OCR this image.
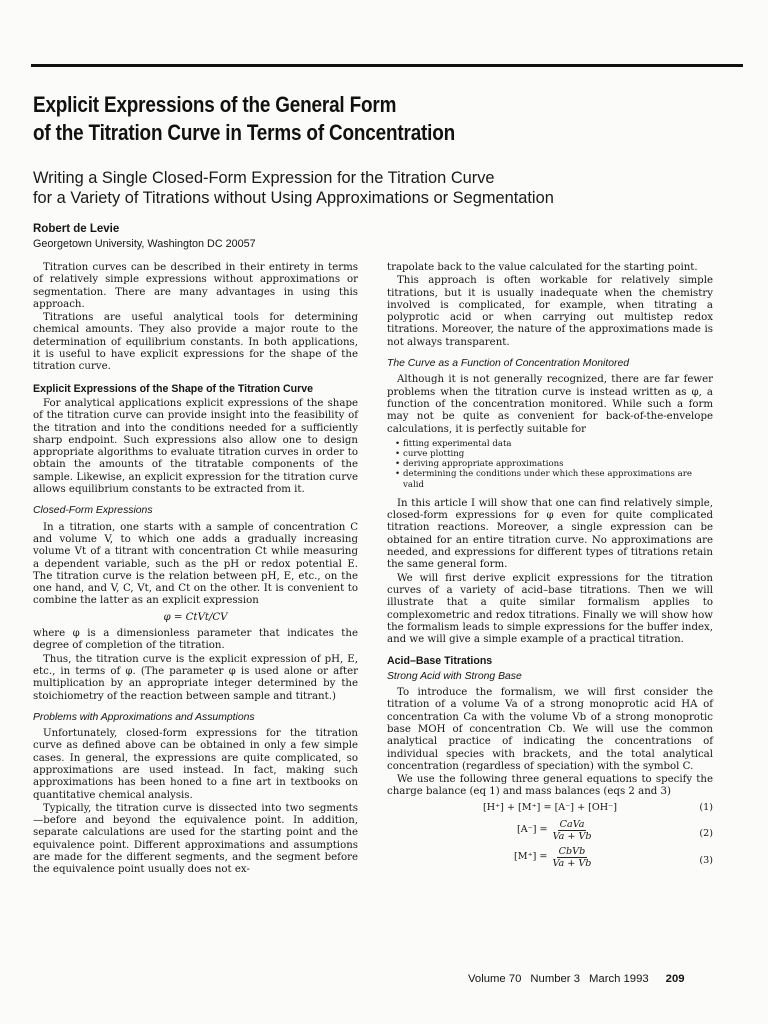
Explicit Expressions of the General Form
of the Titration Curve in Terms of Concentration
Writing a Single Closed-Form Expression for the Titration Curve
for a Variety of Titrations without Using Approximations or Segmentation
Robert de Levie
Georgetown University, Washington DC 20057

Titration curves can be described in their entirety in terms of relatively simple expressions without approximations or segmentation. There are many advantages in using this approach.

Titrations are useful analytical tools for determining chemical amounts. They also provide a major route to the determination of equilibrium constants. In both applications, it is useful to have explicit expressions for the shape of the titration curve.

Explicit Expressions of the Shape of the Titration Curve

For analytical applications explicit expressions of the shape of the titration curve can provide insight into the feasibility of the titration and into the conditions needed for a sufficiently sharp endpoint. Such expressions also allow one to design appropriate algorithms to evaluate titration curves in order to obtain the amounts of the titratable components of the sample. Likewise, an explicit expression for the titration curve allows equilibrium constants to be extracted from it.

Closed-Form Expressions

In a titration, one starts with a sample of concentration C and volume V, to which one adds a gradually increasing volume Vt of a titrant with concentration Ct while measuring a dependent variable, such as the pH or redox potential E. The titration curve is the relation between pH, E, etc., on the one hand, and V, C, Vt, and Ct on the other. It is convenient to combine the latter as an explicit expression

φ = CtVt/CV

where φ is a dimensionless parameter that indicates the degree of completion of the titration.

Thus, the titration curve is the explicit expression of pH, E, etc., in terms of φ. (The parameter φ is used alone or after multiplication by an appropriate integer determined by the stoichiometry of the reaction between sample and titrant.)

Problems with Approximations and Assumptions

Unfortunately, closed-form expressions for the titration curve as defined above can be obtained in only a few simple cases. In general, the expressions are quite complicated, so approximations are used instead. In fact, making such approximations has been honed to a fine art in textbooks on quantitative chemical analysis.

Typically, the titration curve is dissected into two segments—before and beyond the equivalence point. In addition, separate calculations are used for the starting point and the equivalence point. Different approximations and assumptions are made for the different segments, and the segment before the equivalence point usually does not ex-

trapolate back to the value calculated for the starting point.

This approach is often workable for relatively simple titrations, but it is usually inadequate when the chemistry involved is complicated, for example, when titrating a polyprotic acid or when carrying out multistep redox titrations. Moreover, the nature of the approximations made is not always transparent.

The Curve as a Function of Concentration Monitored

Although it is not generally recognized, there are far fewer problems when the titration curve is instead written as φ, a function of the concentration monitored. While such a form may not be quite as convenient for back-of-the-envelope calculations, it is perfectly suitable for

• fitting experimental data
• curve plotting
• deriving appropriate approximations
• determining the conditions under which these approximations are valid

In this article I will show that one can find relatively simple, closed-form expressions for φ even for quite complicated titration reactions. Moreover, a single expression can be obtained for an entire titration curve. No approximations are needed, and expressions for different types of titrations retain the same general form.

We will first derive explicit expressions for the titration curves of a variety of acid–base titrations. Then we will illustrate that a quite similar formalism applies to complexometric and redox titrations. Finally we will show how the formalism leads to simple expressions for the buffer index, and we will give a simple example of a practical titration.

Acid–Base Titrations
Strong Acid with Strong Base

To introduce the formalism, we will first consider the titration of a volume Va of a strong monoprotic acid HA of concentration Ca with the volume Vb of a strong monoprotic base MOH of concentration Cb. We will use the common analytical practice of indicating the concentrations of individual species with brackets, and the total analytical concentration (regardless of speciation) with the symbol C.

We use the following three general equations to specify the charge balance (eq 1) and mass balances (eqs 2 and 3)

[H⁺] + [M⁺] = [A⁻] + [OH⁻]	(1)
$[A^-] = \frac{\text{CaVa}}{Va + Vb}$	(2)
$[M^+] = \frac{\text{CbVb}}{Va + Vb}$	(3)
Volume 70 Number 3 March 1993 209
